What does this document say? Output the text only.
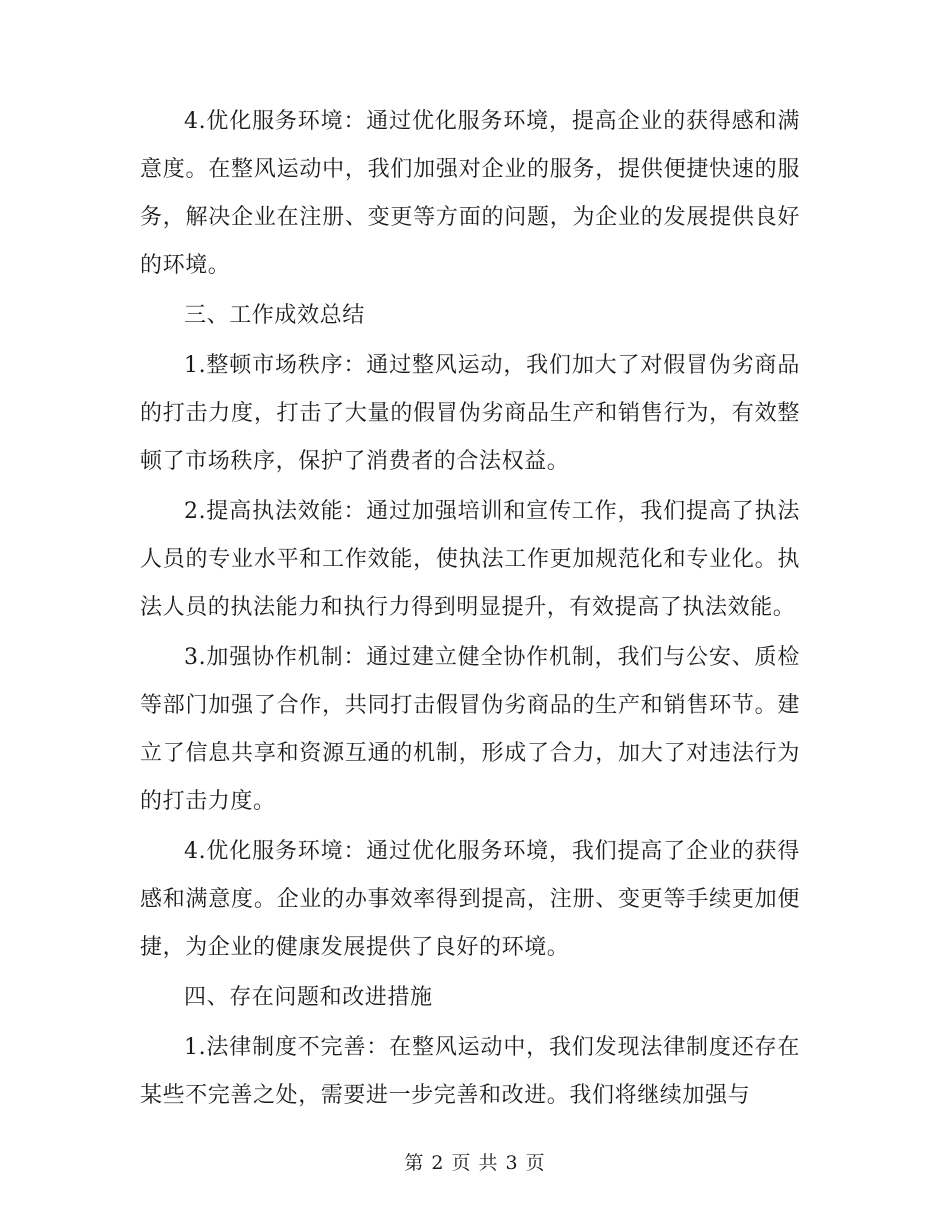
4.优化服务环境：通过优化服务环境，提高企业的获得感和满意度。在整风运动中，我们加强对企业的服务，提供便捷快速的服务，解决企业在注册、变更等方面的问题，为企业的发展提供良好的环境。

三、工作成效总结

1.整顿市场秩序：通过整风运动，我们加大了对假冒伪劣商品的打击力度，打击了大量的假冒伪劣商品生产和销售行为，有效整顿了市场秩序，保护了消费者的合法权益。

2.提高执法效能：通过加强培训和宣传工作，我们提高了执法人员的专业水平和工作效能，使执法工作更加规范化和专业化。执法人员的执法能力和执行力得到明显提升，有效提高了执法效能。

3.加强协作机制：通过建立健全协作机制，我们与公安、质检等部门加强了合作，共同打击假冒伪劣商品的生产和销售环节。建立了信息共享和资源互通的机制，形成了合力，加大了对违法行为的打击力度。

4.优化服务环境：通过优化服务环境，我们提高了企业的获得感和满意度。企业的办事效率得到提高，注册、变更等手续更加便捷，为企业的健康发展提供了良好的环境。

四、存在问题和改进措施

1.法律制度不完善：在整风运动中，我们发现法律制度还存在某些不完善之处，需要进一步完善和改进。我们将继续加强与

第 2 页 共 3 页
